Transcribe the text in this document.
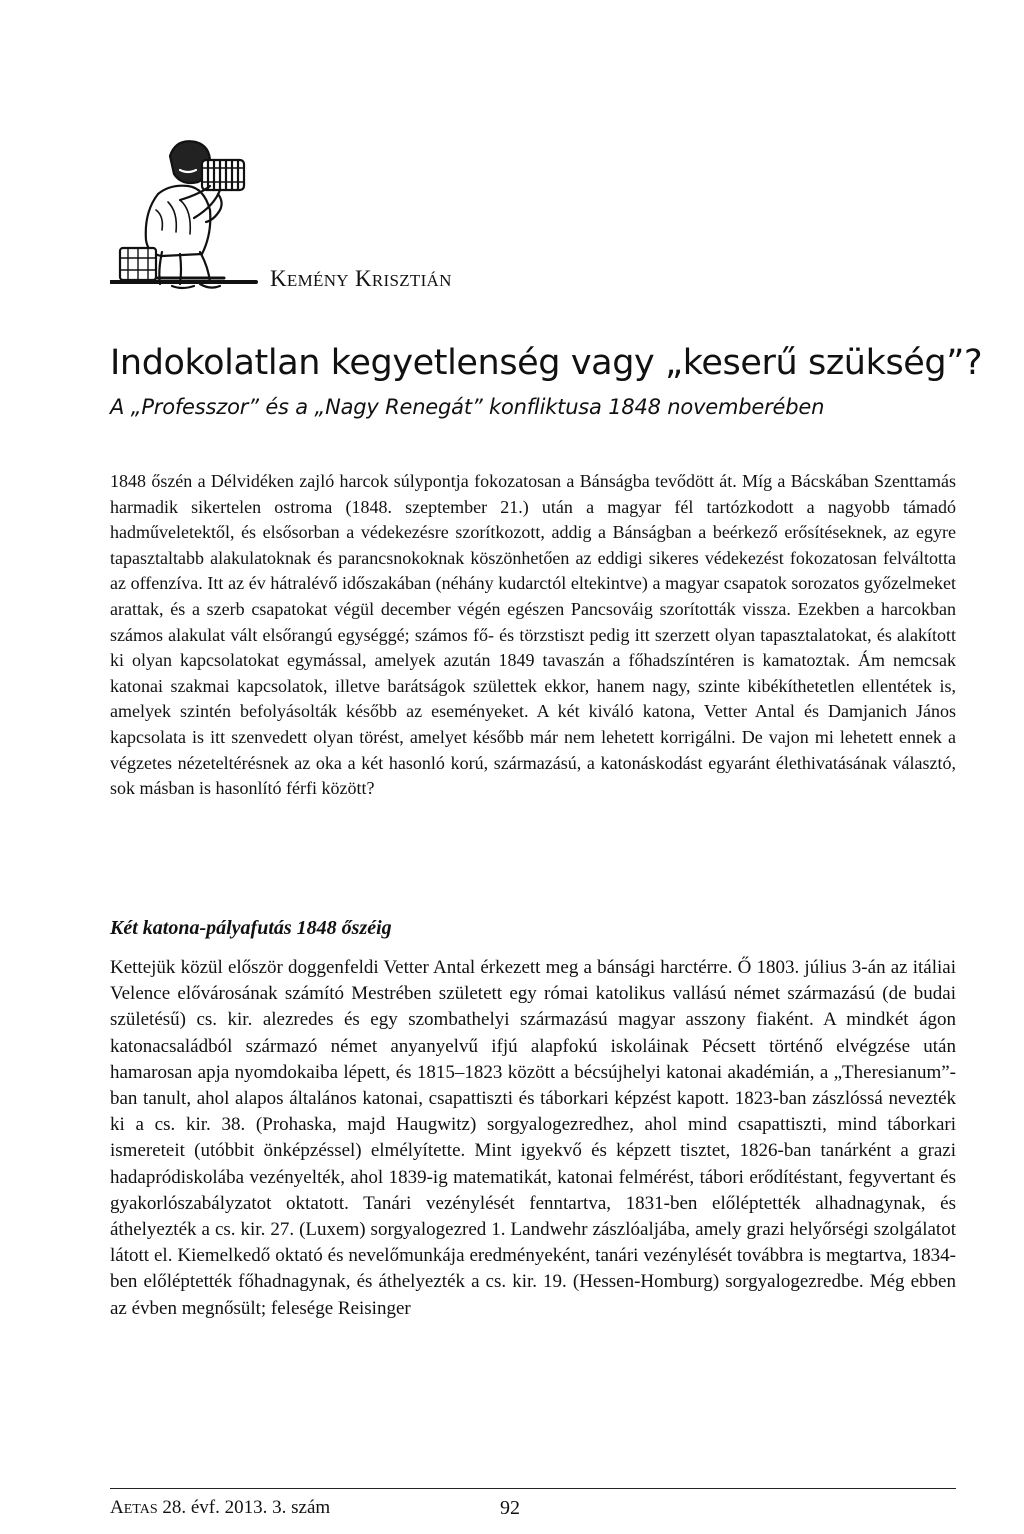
KEMÉNY KRISZTIÁN
Indokolatlan kegyetlenség vagy „keserű szükség”?
A „Professzor” és a „Nagy Renegát” konfliktusa 1848 novemberében

1848 őszén a Délvidéken zajló harcok súlypontja fokozatosan a Bánságba tevődött át. Míg a Bácskában Szenttamás harmadik sikertelen ostroma (1848. szeptember 21.) után a magyar fél tartózkodott a nagyobb támadó hadműveletektől, és elsősorban a védekezésre szorítkozott, addig a Bánságban a beérkező erősítéseknek, az egyre tapasztaltabb alakulatoknak és parancsnokoknak köszönhetően az eddigi sikeres védekezést fokozatosan felváltotta az offenzíva. Itt az év hátralévő időszakában (néhány kudarctól eltekintve) a magyar csapatok sorozatos győzelmeket arattak, és a szerb csapatokat végül december végén egészen Pancsováig szorították vissza. Ezekben a harcokban számos alakulat vált elsőrangú egységgé; számos fő- és törzstiszt pedig itt szerzett olyan tapasztalatokat, és alakított ki olyan kapcsolatokat egymással, amelyek azután 1849 tavaszán a főhadszíntéren is kamatoztak. Ám nemcsak katonai szakmai kapcsolatok, illetve barátságok születtek ekkor, hanem nagy, szinte kibékíthetetlen ellentétek is, amelyek szintén befolyásolták később az eseményeket. A két kiváló katona, Vetter Antal és Damjanich János kapcsolata is itt szenvedett olyan törést, amelyet később már nem lehetett korrigálni. De vajon mi lehetett ennek a végzetes nézeteltérésnek az oka a két hasonló korú, származású, a katonáskodást egyaránt élethivatásának választó, sok másban is hasonlító férfi között?

Két katona-pályafutás 1848 őszéig

Kettejük közül először doggenfeldi Vetter Antal érkezett meg a bánsági harctérre. Ő 1803. július 3-án az itáliai Velence elővárosának számító Mestrében született egy római katolikus vallású német származású (de budai születésű) cs. kir. alezredes és egy szombathelyi származású magyar asszony fiaként. A mindkét ágon katonacsaládból származó német anyanyelvű ifjú alapfokú iskoláinak Pécsett történő elvégzése után hamarosan apja nyomdokaiba lépett, és 1815–1823 között a bécsújhelyi katonai akadémián, a „Theresianum”-ban tanult, ahol alapos általános katonai, csapattiszti és táborkari képzést kapott. 1823-ban zászlóssá nevezték ki a cs. kir. 38. (Prohaska, majd Haugwitz) sorgyalogezredhez, ahol mind csapattiszti, mind táborkari ismereteit (utóbbit önképzéssel) elmélyítette. Mint igyekvő és képzett tisztet, 1826-ban tanárként a grazi hadapródiskolába vezényelték, ahol 1839-ig matematikát, katonai felmérést, tábori erődítéstant, fegyvertant és gyakorlószabályzatot oktatott. Tanári vezénylését fenntartva, 1831-ben előléptették alhadnagynak, és áthelyezték a cs. kir. 27. (Luxem) sorgyalogezred 1. Landwehr zászlóaljába, amely grazi helyőrségi szolgálatot látott el. Kiemelkedő oktató és nevelőmunkája eredményeként, tanári vezénylését továbbra is megtartva, 1834-ben előléptették főhadnagynak, és áthelyezték a cs. kir. 19. (Hessen-Homburg) sorgyalogezredbe. Még ebben az évben megnősült; felesége Reisinger

AETAS 28. évf. 2013. 3. szám	92
